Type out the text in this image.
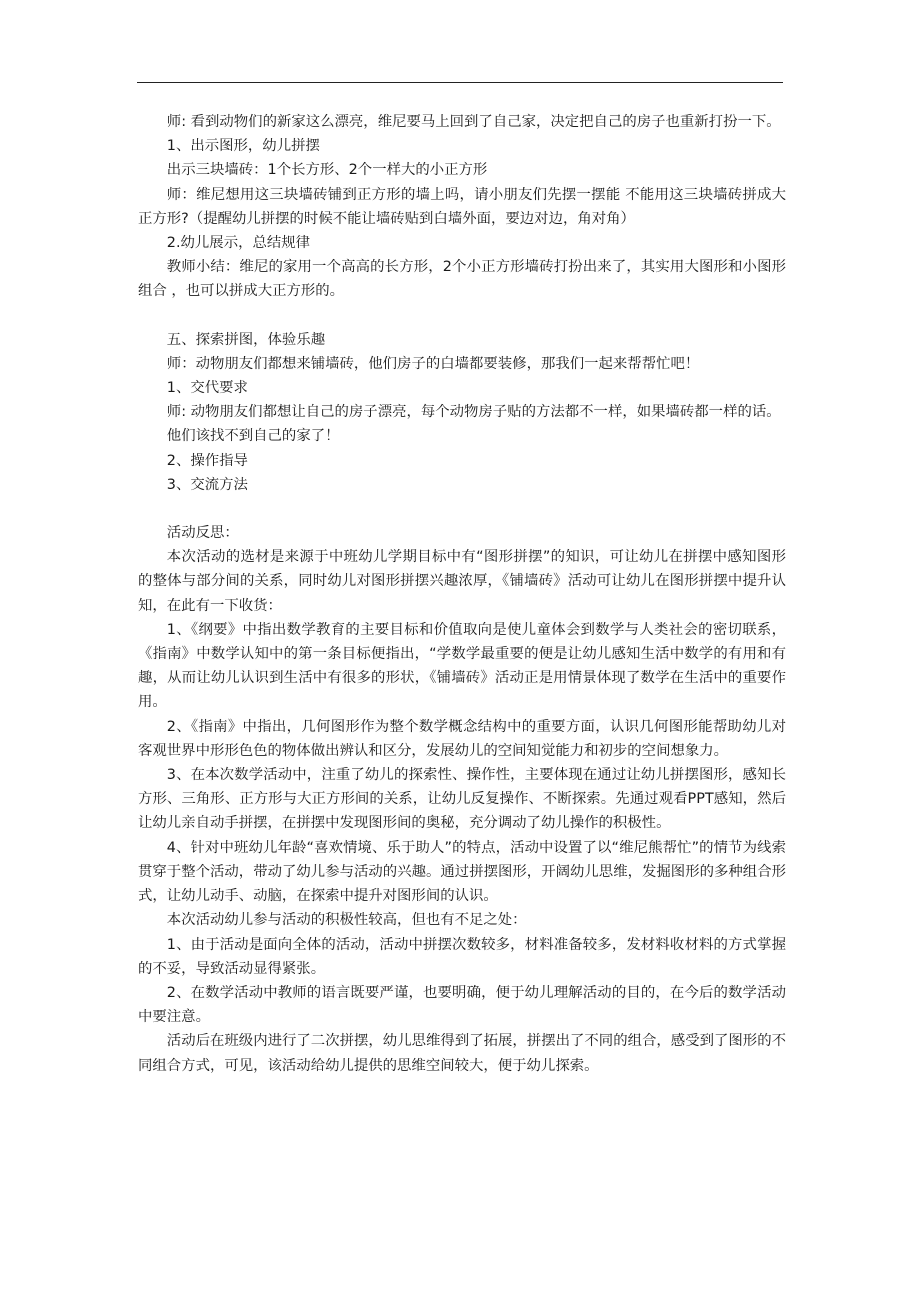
师: 看到动物们的新家这么漂亮，维尼要马上回到了自己家，决定把自己的房子也重新打扮一下。

1、出示图形，幼儿拼摆

出示三块墙砖：1个长方形、2个一样大的小正方形

师：维尼想用这三块墙砖铺到正方形的墙上吗，请小朋友们先摆一摆能 不能用这三块墙砖拼成大正方形?（提醒幼儿拼摆的时候不能让墙砖贴到白墙外面，要边对边，角对角）

2.幼儿展示，总结规律

教师小结：维尼的家用一个高高的长方形，2个小正方形墙砖打扮出来了，其实用大图形和小图形组合 ，也可以拼成大正方形的。

五、探索拼图，体验乐趣

师：动物朋友们都想来铺墙砖，他们房子的白墙都要装修，那我们一起来帮帮忙吧！

1、交代要求

师: 动物朋友们都想让自己的房子漂亮，每个动物房子贴的方法都不一样，如果墙砖都一样的话。

他们该找不到自己的家了！

2、操作指导

3、交流方法

活动反思：

本次活动的选材是来源于中班幼儿学期目标中有“图形拼摆”的知识，可让幼儿在拼摆中感知图形的整体与部分间的关系，同时幼儿对图形拼摆兴趣浓厚，《铺墙砖》活动可让幼儿在图形拼摆中提升认知，在此有一下收货：

1、《纲要》中指出数学教育的主要目标和价值取向是使儿童体会到数学与人类社会的密切联系，《指南》中数学认知中的第一条目标便指出，“学数学最重要的便是让幼儿感知生活中数学的有用和有趣，从而让幼儿认识到生活中有很多的形状，《铺墙砖》活动正是用情景体现了数学在生活中的重要作用。

2、《指南》中指出，几何图形作为整个数学概念结构中的重要方面，认识几何图形能帮助幼儿对客观世界中形形色色的物体做出辨认和区分，发展幼儿的空间知觉能力和初步的空间想象力。

3、在本次数学活动中，注重了幼儿的探索性、操作性，主要体现在通过让幼儿拼摆图形，感知长方形、三角形、正方形与大正方形间的关系，让幼儿反复操作、不断探索。先通过观看PPT感知，然后让幼儿亲自动手拼摆，在拼摆中发现图形间的奥秘，充分调动了幼儿操作的积极性。

4、针对中班幼儿年龄“喜欢情境、乐于助人”的特点，活动中设置了以“维尼熊帮忙”的情节为线索贯穿于整个活动，带动了幼儿参与活动的兴趣。通过拼摆图形，开阔幼儿思维，发掘图形的多种组合形式，让幼儿动手、动脑，在探索中提升对图形间的认识。

本次活动幼儿参与活动的积极性较高，但也有不足之处：

1、由于活动是面向全体的活动，活动中拼摆次数较多，材料准备较多，发材料收材料的方式掌握的不妥，导致活动显得紧张。

2、在数学活动中教师的语言既要严谨，也要明确，便于幼儿理解活动的目的，在今后的数学活动中要注意。

活动后在班级内进行了二次拼摆，幼儿思维得到了拓展，拼摆出了不同的组合，感受到了图形的不同组合方式，可见，该活动给幼儿提供的思维空间较大，便于幼儿探索。
